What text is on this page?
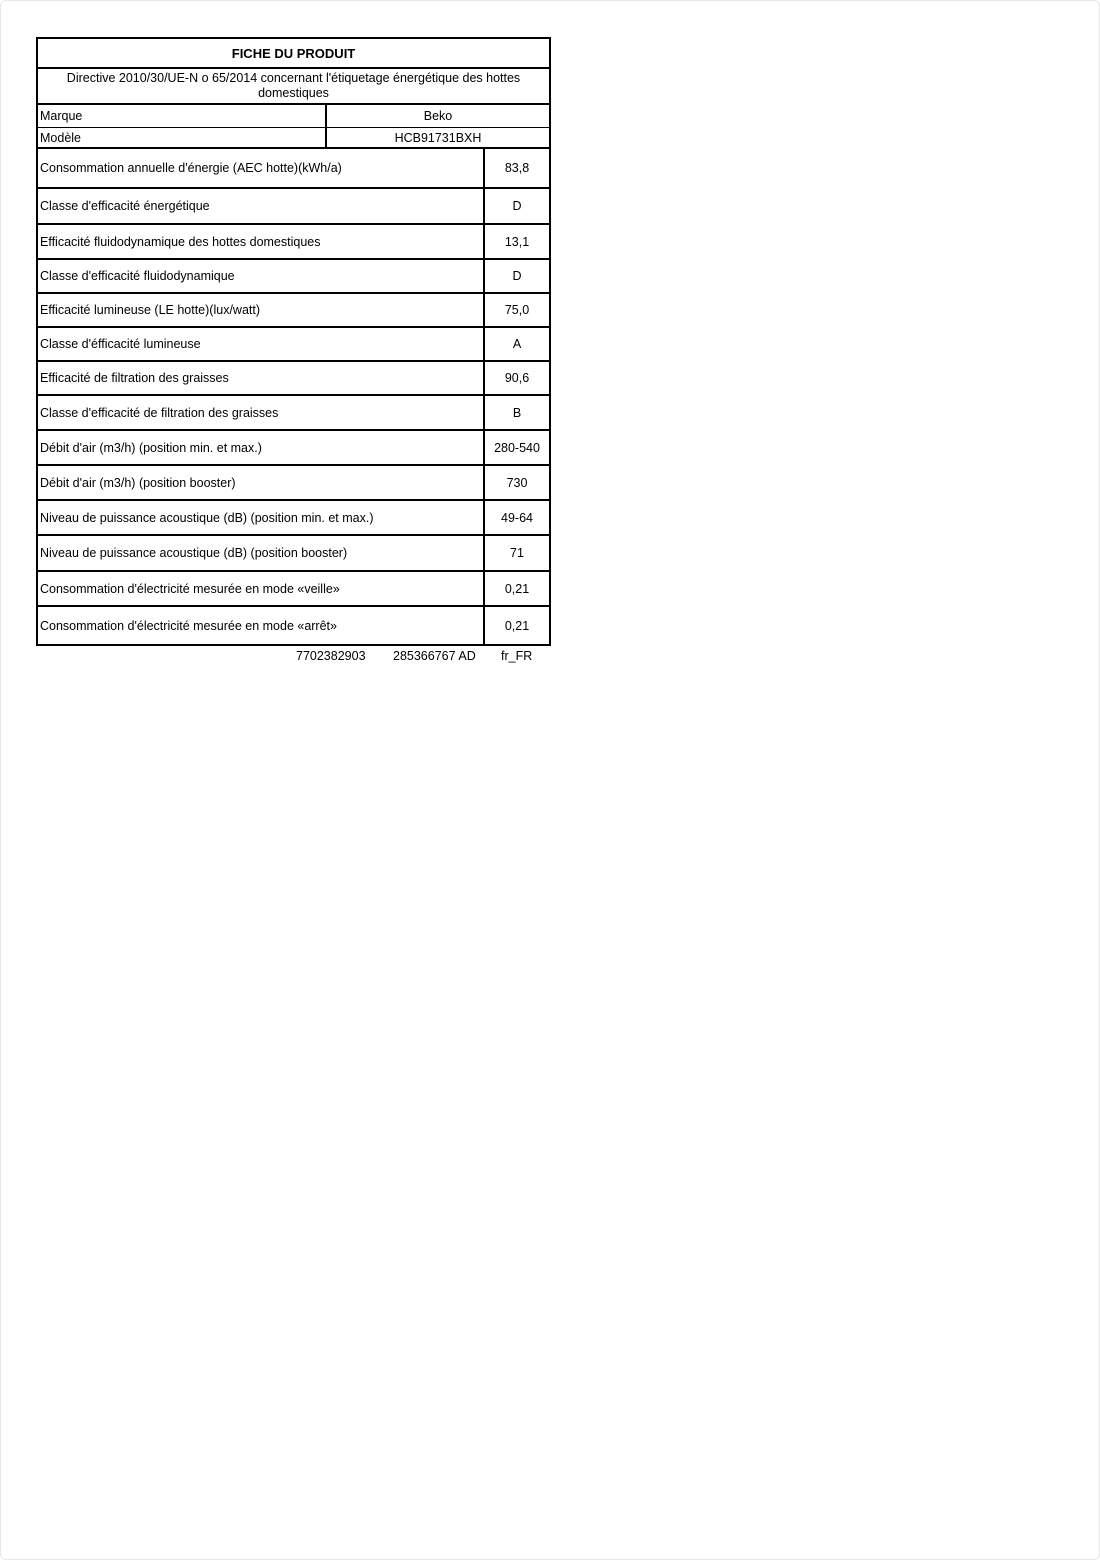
FICHE DU PRODUIT
Directive 2010/30/UE-N o 65/2014 concernant l'étiquetage énergétique des hottes domestiques
Marque	Beko
Modèle	HCB91731BXH
Consommation annuelle d'énergie (AEC hotte)(kWh/a)	83,8
Classe d'efficacité énergétique	D
Efficacité fluidodynamique des hottes domestiques	13,1
Classe d'efficacité fluidodynamique	D
Efficacité lumineuse (LE hotte)(lux/watt)	75,0
Classe d'éfficacité lumineuse	A
Efficacité de filtration des graisses	90,6
Classe d'efficacité de filtration des graisses	B
Débit d'air (m3/h) (position min. et max.)	280-540
Débit d'air (m3/h) (position booster)	730
Niveau de puissance acoustique (dB) (position min. et max.)	49-64
Niveau de puissance acoustique (dB) (position booster)	71
Consommation d'électricité mesurée en mode «veille»	0,21
Consommation d'électricité mesurée en mode «arrêt»	0,21
7702382903 285366767 AD fr_FR
